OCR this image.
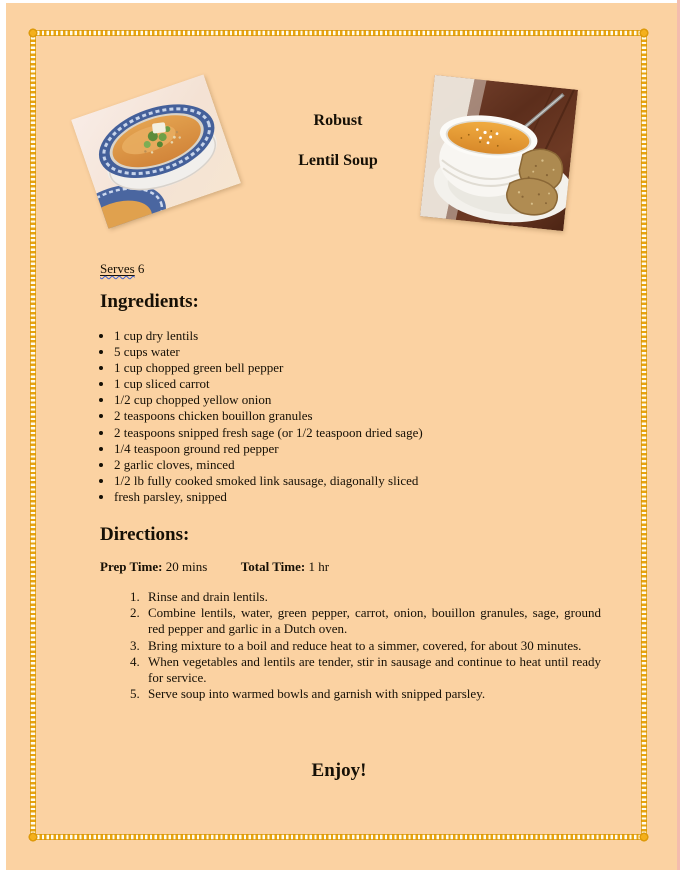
Robust
Lentil Soup
Serves 6
Ingredients:
• 1 cup dry lentils
• 5 cups water
• 1 cup chopped green bell pepper
• 1 cup sliced carrot
• 1/2 cup chopped yellow onion
• 2 teaspoons chicken bouillon granules
• 2 teaspoons snipped fresh sage (or 1/2 teaspoon dried sage)
• 1/4 teaspoon ground red pepper
• 2 garlic cloves, minced
• 1/2 lb fully cooked smoked link sausage, diagonally sliced
• fresh parsley, snipped
Directions:
Prep Time: 20 mins	Total Time: 1 hr
1. Rinse and drain lentils.
2. Combine lentils, water, green pepper, carrot, onion, bouillon granules, sage, ground red pepper and garlic in a Dutch oven.
3. Bring mixture to a boil and reduce heat to a simmer, covered, for about 30 minutes.
4. When vegetables and lentils are tender, stir in sausage and continue to heat until ready for service.
5. Serve soup into warmed bowls and garnish with snipped parsley.
Enjoy!
